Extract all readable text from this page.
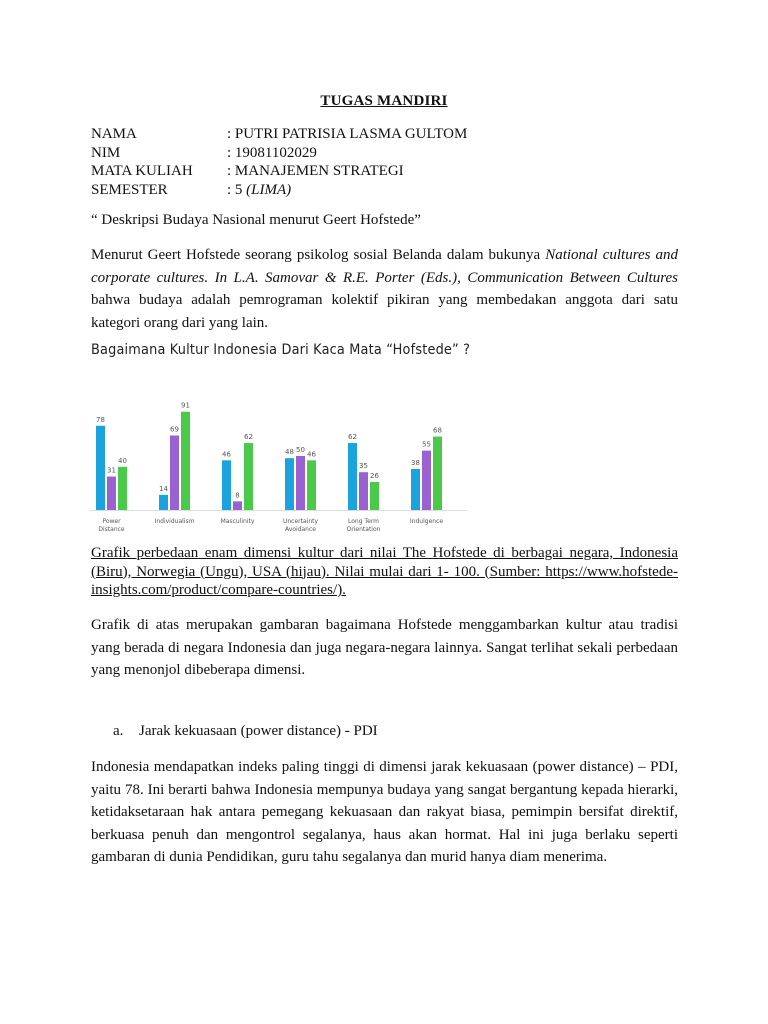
TUGAS MANDIRI
NAMA	: PUTRI PATRISIA LASMA GULTOM
NIM	: 19081102029
MATA KULIAH	: MANAJEMEN STRATEGI
SEMESTER	: 5 (LIMA)
“ Deskripsi Budaya Nasional menurut Geert Hofstede”
Menurut Geert Hofstede seorang psikolog sosial Belanda dalam bukunya National cultures and corporate cultures. In L.A. Samovar & R.E. Porter (Eds.), Communication Between Cultures bahwa budaya adalah pemrograman kolektif pikiran yang membedakan anggota dari satu kategori orang dari yang lain.
Bagaimana Kultur Indonesia Dari Kaca Mata “Hofstede” ?
78
31
40
Power
Distance
14
69
91
Individualism
46
8
62
Masculinity
48 50
46
Uncertainty
Avoidance
62
35
26
Long Term
Orientation
38
55
68
Indulgence
Grafik perbedaan enam dimensi kultur dari nilai The Hofstede di berbagai negara, Indonesia (Biru), Norwegia (Ungu), USA (hijau). Nilai mulai dari 1- 100. (Sumber: https://www.hofstede-insights.com/product/compare-countries/).
Grafik di atas merupakan gambaran bagaimana Hofstede menggambarkan kultur atau tradisi yang berada di negara Indonesia dan juga negara-negara lainnya. Sangat terlihat sekali perbedaan yang menonjol dibeberapa dimensi.
a. Jarak kekuasaan (power distance) - PDI
Indonesia mendapatkan indeks paling tinggi di dimensi jarak kekuasaan (power distance) – PDI, yaitu 78. Ini berarti bahwa Indonesia mempunya budaya yang sangat bergantung kepada hierarki, ketidaksetaraan hak antara pemegang kekuasaan dan rakyat biasa, pemimpin bersifat direktif, berkuasa penuh dan mengontrol segalanya, haus akan hormat. Hal ini juga berlaku seperti gambaran di dunia Pendidikan, guru tahu segalanya dan murid hanya diam menerima.
